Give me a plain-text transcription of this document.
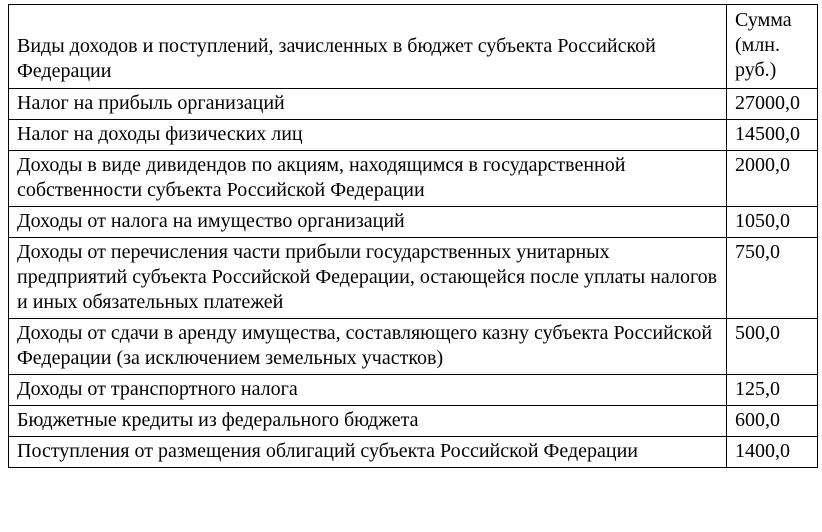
Виды доходов и поступлений, зачисленных в бюджет субъекта Российской Федерации	Сумма (млн. руб.)
Налог на прибыль организаций	27000,0
Налог на доходы физических лиц	14500,0
Доходы в виде дивидендов по акциям, находящимся в государственной собственности субъекта Российской Федерации	2000,0
Доходы от налога на имущество организаций	1050,0
Доходы от перечисления части прибыли государственных унитарных предприятий субъекта Российской Федерации, остающейся после уплаты налогов и иных обязательных платежей	750,0
Доходы от сдачи в аренду имущества, составляющего казну субъекта Российской Федерации (за исключением земельных участков)	500,0
Доходы от транспортного налога	125,0
Бюджетные кредиты из федерального бюджета	600,0
Поступления от размещения облигаций субъекта Российской Федерации	1400,0
